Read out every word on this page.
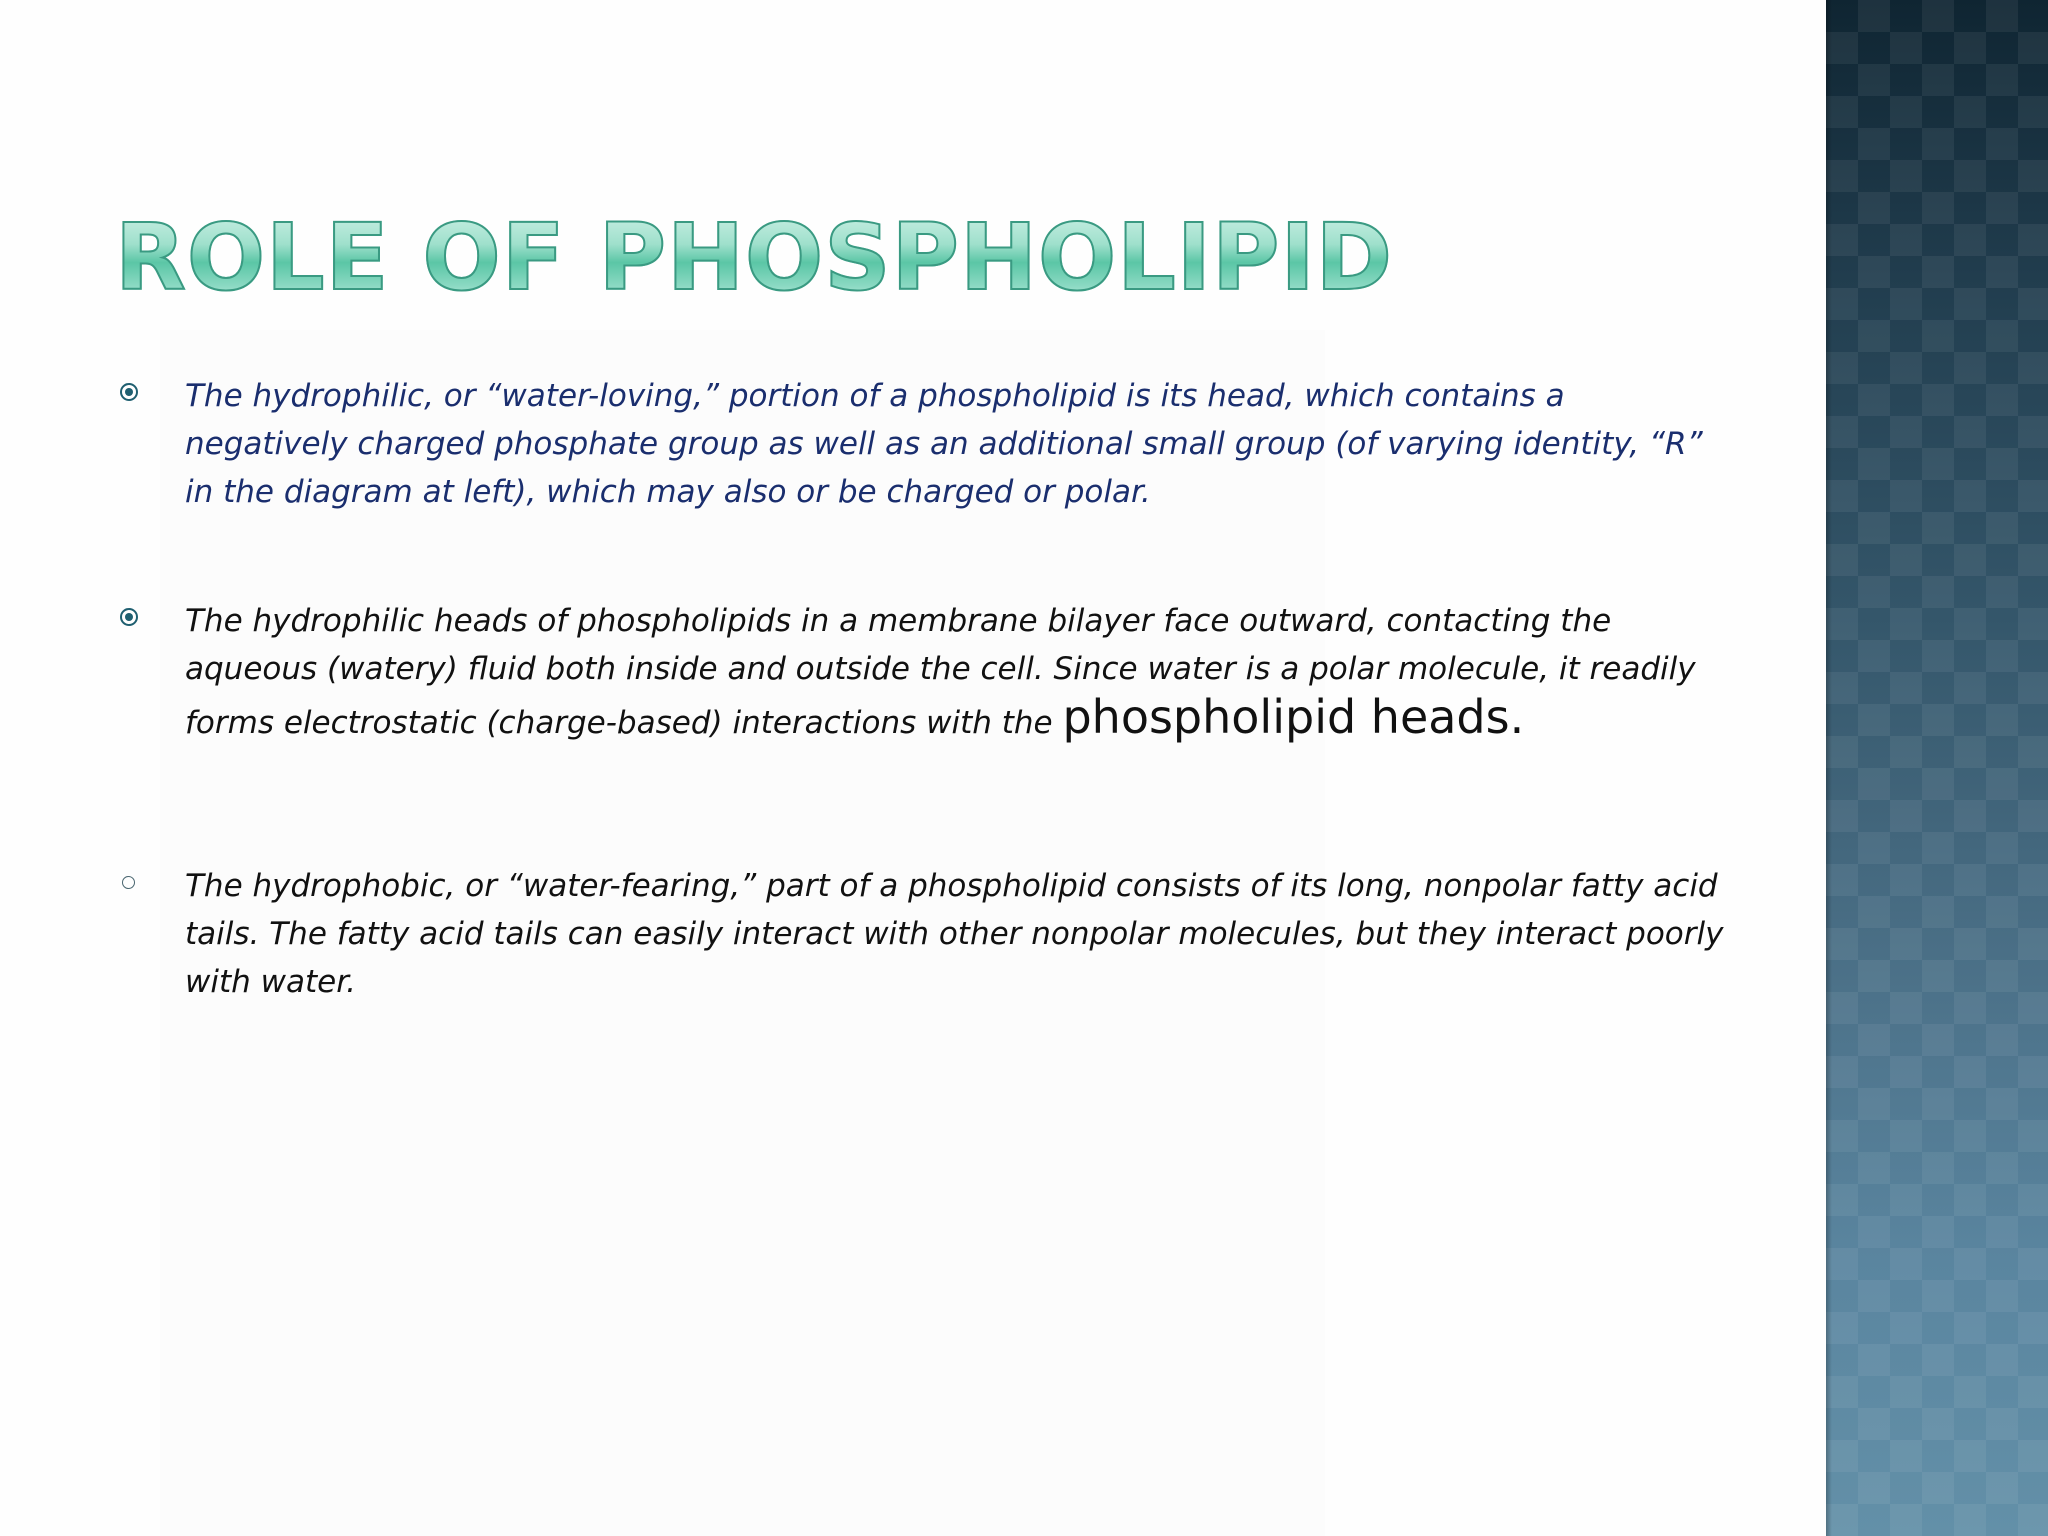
ROLE OF PHOSPHOLIPID

The hydrophilic, or “water-loving,” portion of a phospholipid is its head, which contains a negatively charged phosphate group as well as an additional small group (of varying identity, “R” in the diagram at left), which may also or be charged or polar.

The hydrophilic heads of phospholipids in a membrane bilayer face outward, contacting the aqueous (watery) fluid both inside and outside the cell. Since water is a polar molecule, it readily forms electrostatic (charge-based) interactions with the phospholipid heads.

The hydrophobic, or “water-fearing,” part of a phospholipid consists of its long, nonpolar fatty acid tails. The fatty acid tails can easily interact with other nonpolar molecules, but they interact poorly with water.
